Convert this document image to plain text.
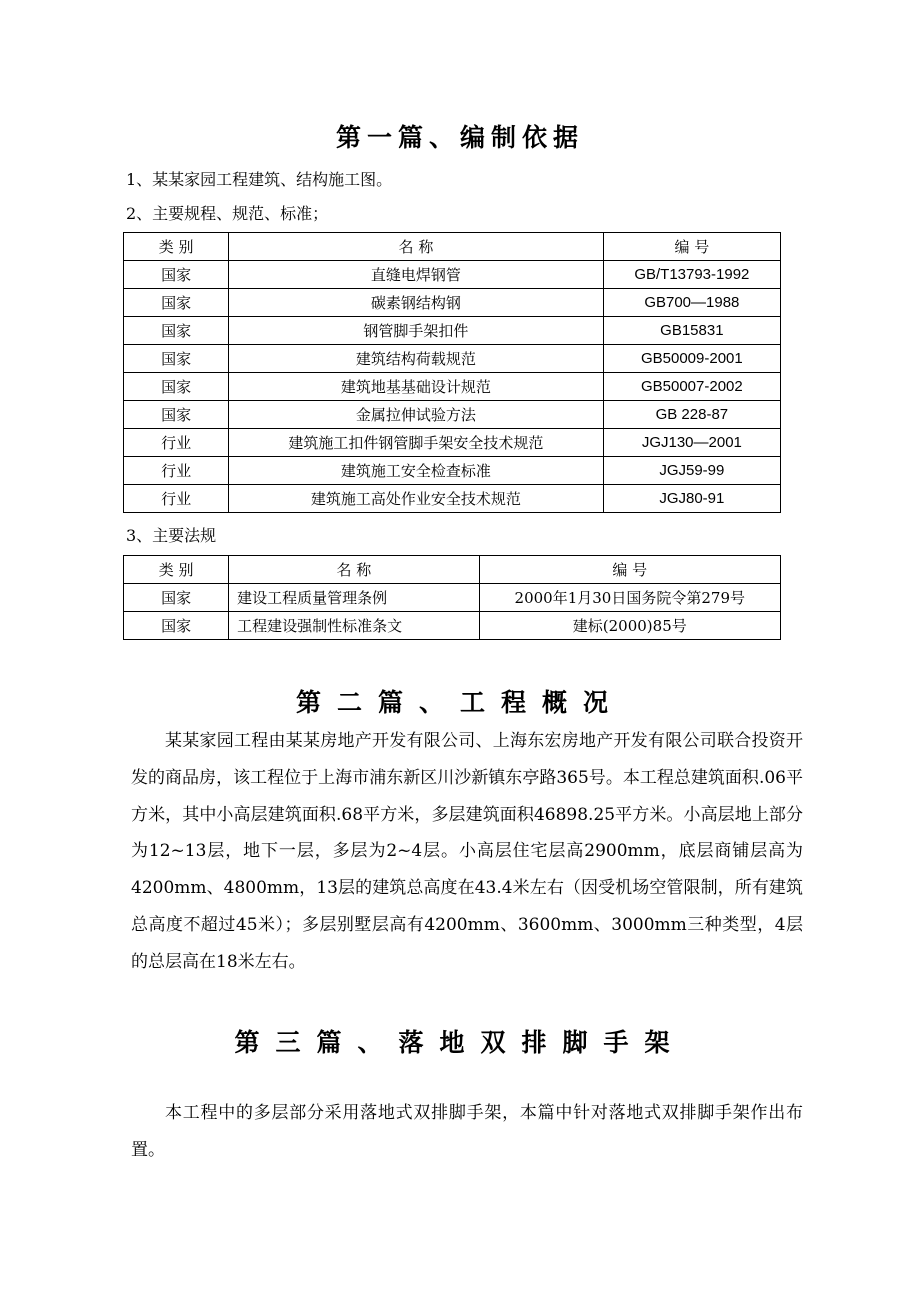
第一篇、编制依据

1、某某家园工程建筑、结构施工图。

2、主要规程、规范、标准；

类 别	名 称	编 号
国家	直缝电焊钢管	GB/T13793-1992
国家	碳素钢结构钢	GB700—1988
国家	钢管脚手架扣件	GB15831
国家	建筑结构荷载规范	GB50009-2001
国家	建筑地基基础设计规范	GB50007-2002
国家	金属拉伸试验方法	GB 228-87
行业	建筑施工扣件钢管脚手架安全技术规范	JGJ130—2001
行业	建筑施工安全检查标准	JGJ59-99
行业	建筑施工高处作业安全技术规范	JGJ80-91

3、主要法规

类 别	名 称	编 号
国家	建设工程质量管理条例	2000年1月30日国务院令第279号
国家	工程建设强制性标准条文	建标(2000)85号
第二篇、工程概况

某某家园工程由某某房地产开发有限公司、上海东宏房地产开发有限公司联合投资开发的商品房，该工程位于上海市浦东新区川沙新镇东亭路365号。本工程总建筑面积.06平方米，其中小高层建筑面积.68平方米，多层建筑面积46898.25平方米。小高层地上部分为12~13层，地下一层，多层为2~4层。小高层住宅层高2900mm，底层商铺层高为4200mm、4800mm，13层的建筑总高度在43.4米左右（因受机场空管限制，所有建筑总高度不超过45米）；多层别墅层高有4200mm、3600mm、3000mm三种类型，4层的总层高在18米左右。

第三篇、落地双排脚手架

本工程中的多层部分采用落地式双排脚手架，本篇中针对落地式双排脚手架作出布置。
